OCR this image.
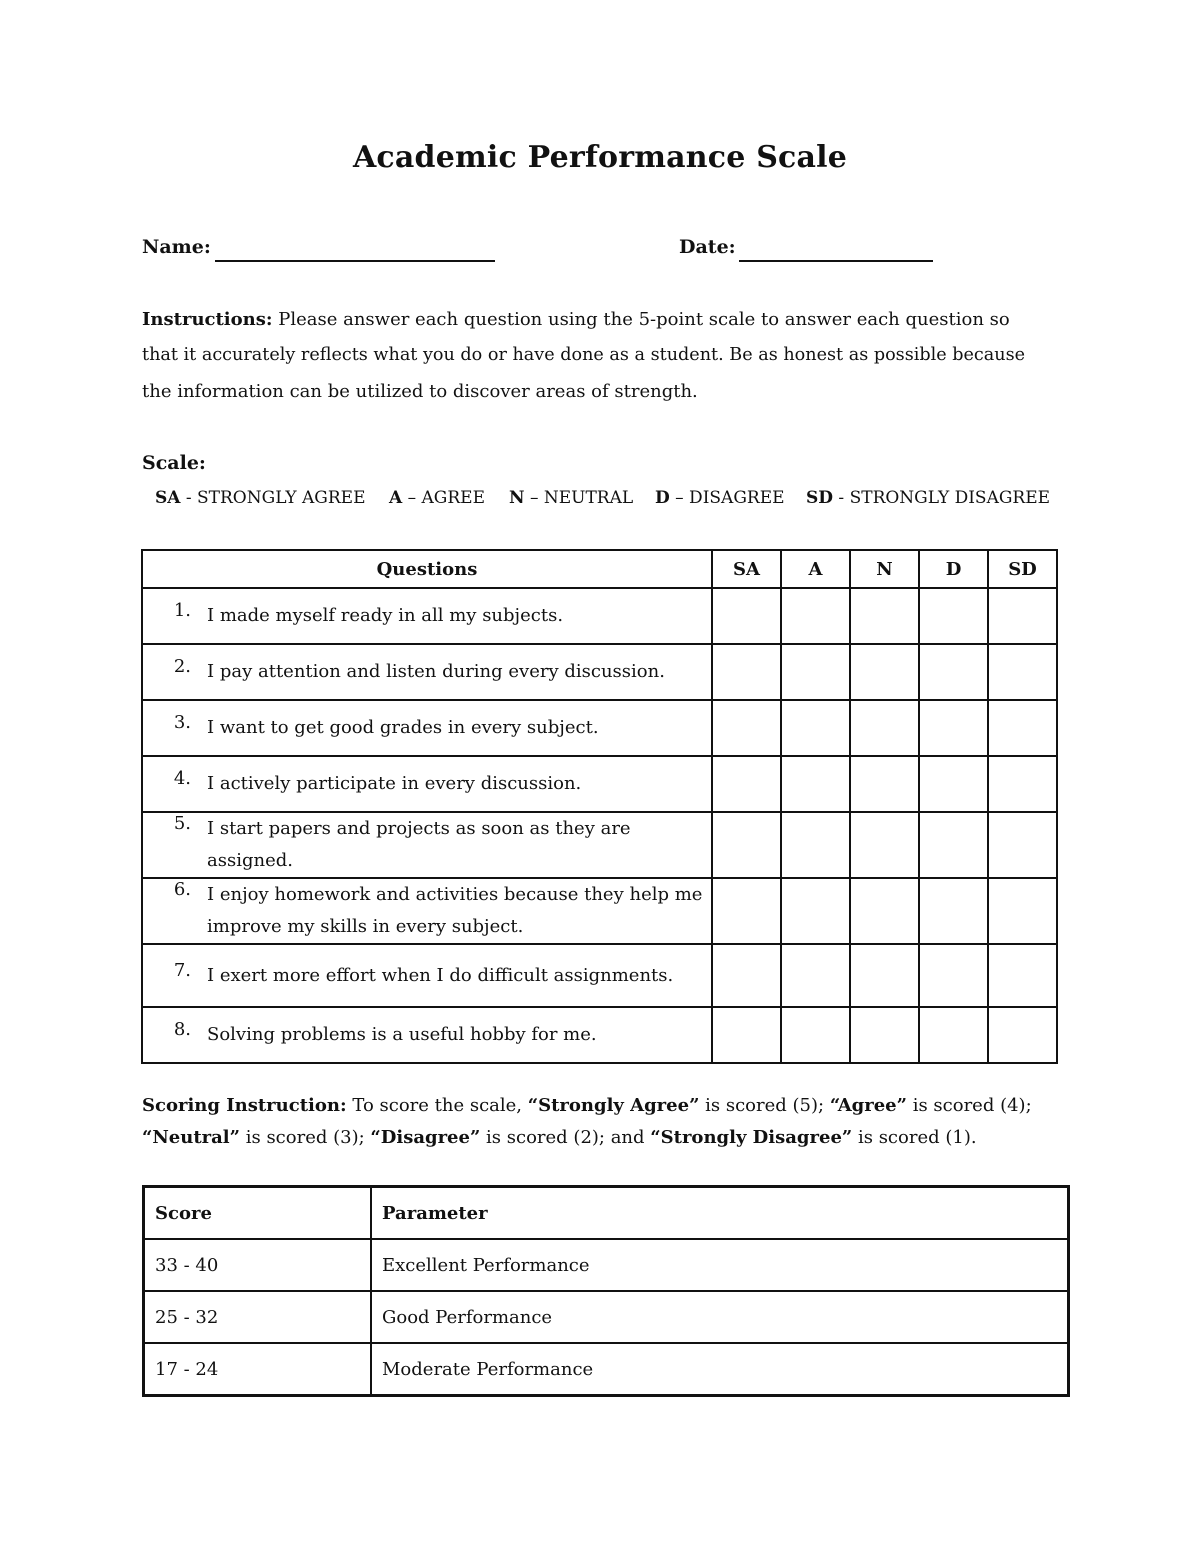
Academic Performance Scale
Name:	Date:
Instructions: Please answer each question using the 5-point scale to answer each question so
that it accurately reflects what you do or have done as a student. Be as honest as possible because
the information can be utilized to discover areas of strength.
Scale:
SA - STRONGLY AGREE A – AGREE N – NEUTRAL D – DISAGREE SD - STRONGLY DISAGREE
Questions	SA	A	N	D	SD

1. I made myself ready in all my subjects.					

2. I pay attention and listen during every discussion.					

3. I want to get good grades in every subject.					

4. I actively participate in every discussion.					

5. I start papers and projects as soon as they are assigned.					

6. I enjoy homework and activities because they help me improve my skills in every subject.					

7. I exert more effort when I do difficult assignments.					

8. Solving problems is a useful hobby for me.					

Scoring Instruction: To score the scale, “Strongly Agree” is scored (5); “Agree” is scored (4);
“Neutral” is scored (3); “Disagree” is scored (2); and “Strongly Disagree” is scored (1).
Score	Parameter
33 - 40	Excellent Performance
25 - 32	Good Performance
17 - 24	Moderate Performance
